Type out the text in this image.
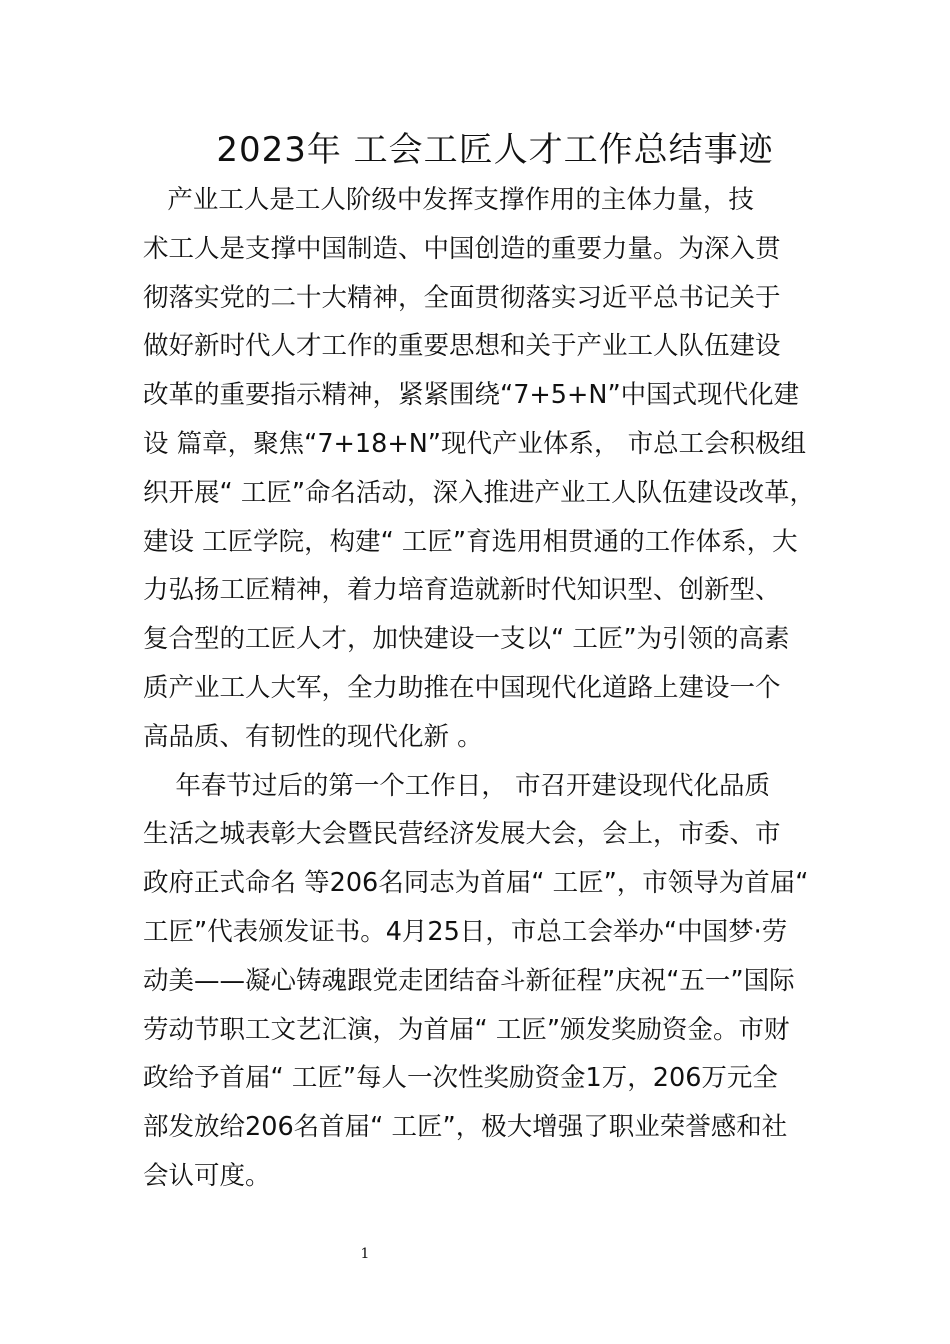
2023年 工会工匠人才工作总结事迹
产业工人是工人阶级中发挥支撑作用的主体力量，技
术工人是支撑中国制造、中国创造的重要力量。为深入贯
彻落实党的二十大精神，全面贯彻落实习近平总书记关于
做好新时代人才工作的重要思想和关于产业工人队伍建设
改革的重要指示精神，紧紧围绕“7+5+N”中国式现代化建
设 篇章，聚焦“7+18+N”现代产业体系， 市总工会积极组
织开展“ 工匠”命名活动，深入推进产业工人队伍建设改革，
建设 工匠学院，构建“ 工匠”育选用相贯通的工作体系，大
力弘扬工匠精神，着力培育造就新时代知识型、创新型、
复合型的工匠人才，加快建设一支以“ 工匠”为引领的高素
质产业工人大军，全力助推在中国现代化道路上建设一个
高品质、有韧性的现代化新 。
年春节过后的第一个工作日， 市召开建设现代化品质
生活之城表彰大会暨民营经济发展大会，会上，市委、市
政府正式命名 等206名同志为首届“ 工匠”，市领导为首届“
工匠”代表颁发证书。4月25日，市总工会举办“中国梦·劳
动美——凝心铸魂跟党走团结奋斗新征程”庆祝“五一”国际
劳动节职工文艺汇演，为首届“ 工匠”颁发奖励资金。市财
政给予首届“ 工匠”每人一次性奖励资金1万，206万元全
部发放给206名首届“ 工匠”，极大增强了职业荣誉感和社
会认可度。
1
